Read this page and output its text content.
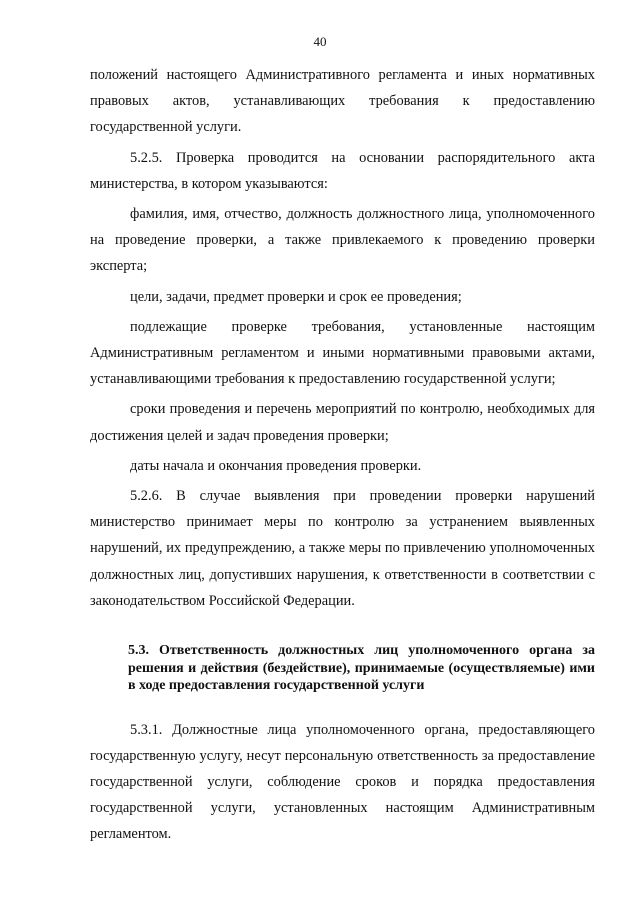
40

положений настоящего Административного регламента и иных нормативных правовых актов, устанавливающих требования к предоставлению государственной услуги.

5.2.5. Проверка проводится на основании распорядительного акта министерства, в котором указываются:

фамилия, имя, отчество, должность должностного лица, уполномоченного на проведение проверки, а также привлекаемого к проведению проверки эксперта;

цели, задачи, предмет проверки и срок ее проведения;

подлежащие проверке требования, установленные настоящим Административным регламентом и иными нормативными правовыми актами, устанавливающими требования к предоставлению государственной услуги;

сроки проведения и перечень мероприятий по контролю, необходимых для достижения целей и задач проведения проверки;

даты начала и окончания проведения проверки.

5.2.6. В случае выявления при проведении проверки нарушений министерство принимает меры по контролю за устранением выявленных нарушений, их предупреждению, а также меры по привлечению уполномоченных должностных лиц, допустивших нарушения, к ответственности в соответствии с законодательством Российской Федерации.

5.3. Ответственность должностных лиц уполномоченного органа за решения и действия (бездействие), принимаемые (осуществляемые) ими в ходе предоставления государственной услуги

5.3.1. Должностные лица уполномоченного органа, предоставляющего государственную услугу, несут персональную ответственность за предоставление государственной услуги, соблюдение сроков и порядка предоставления государственной услуги, установленных настоящим Административным регламентом.
